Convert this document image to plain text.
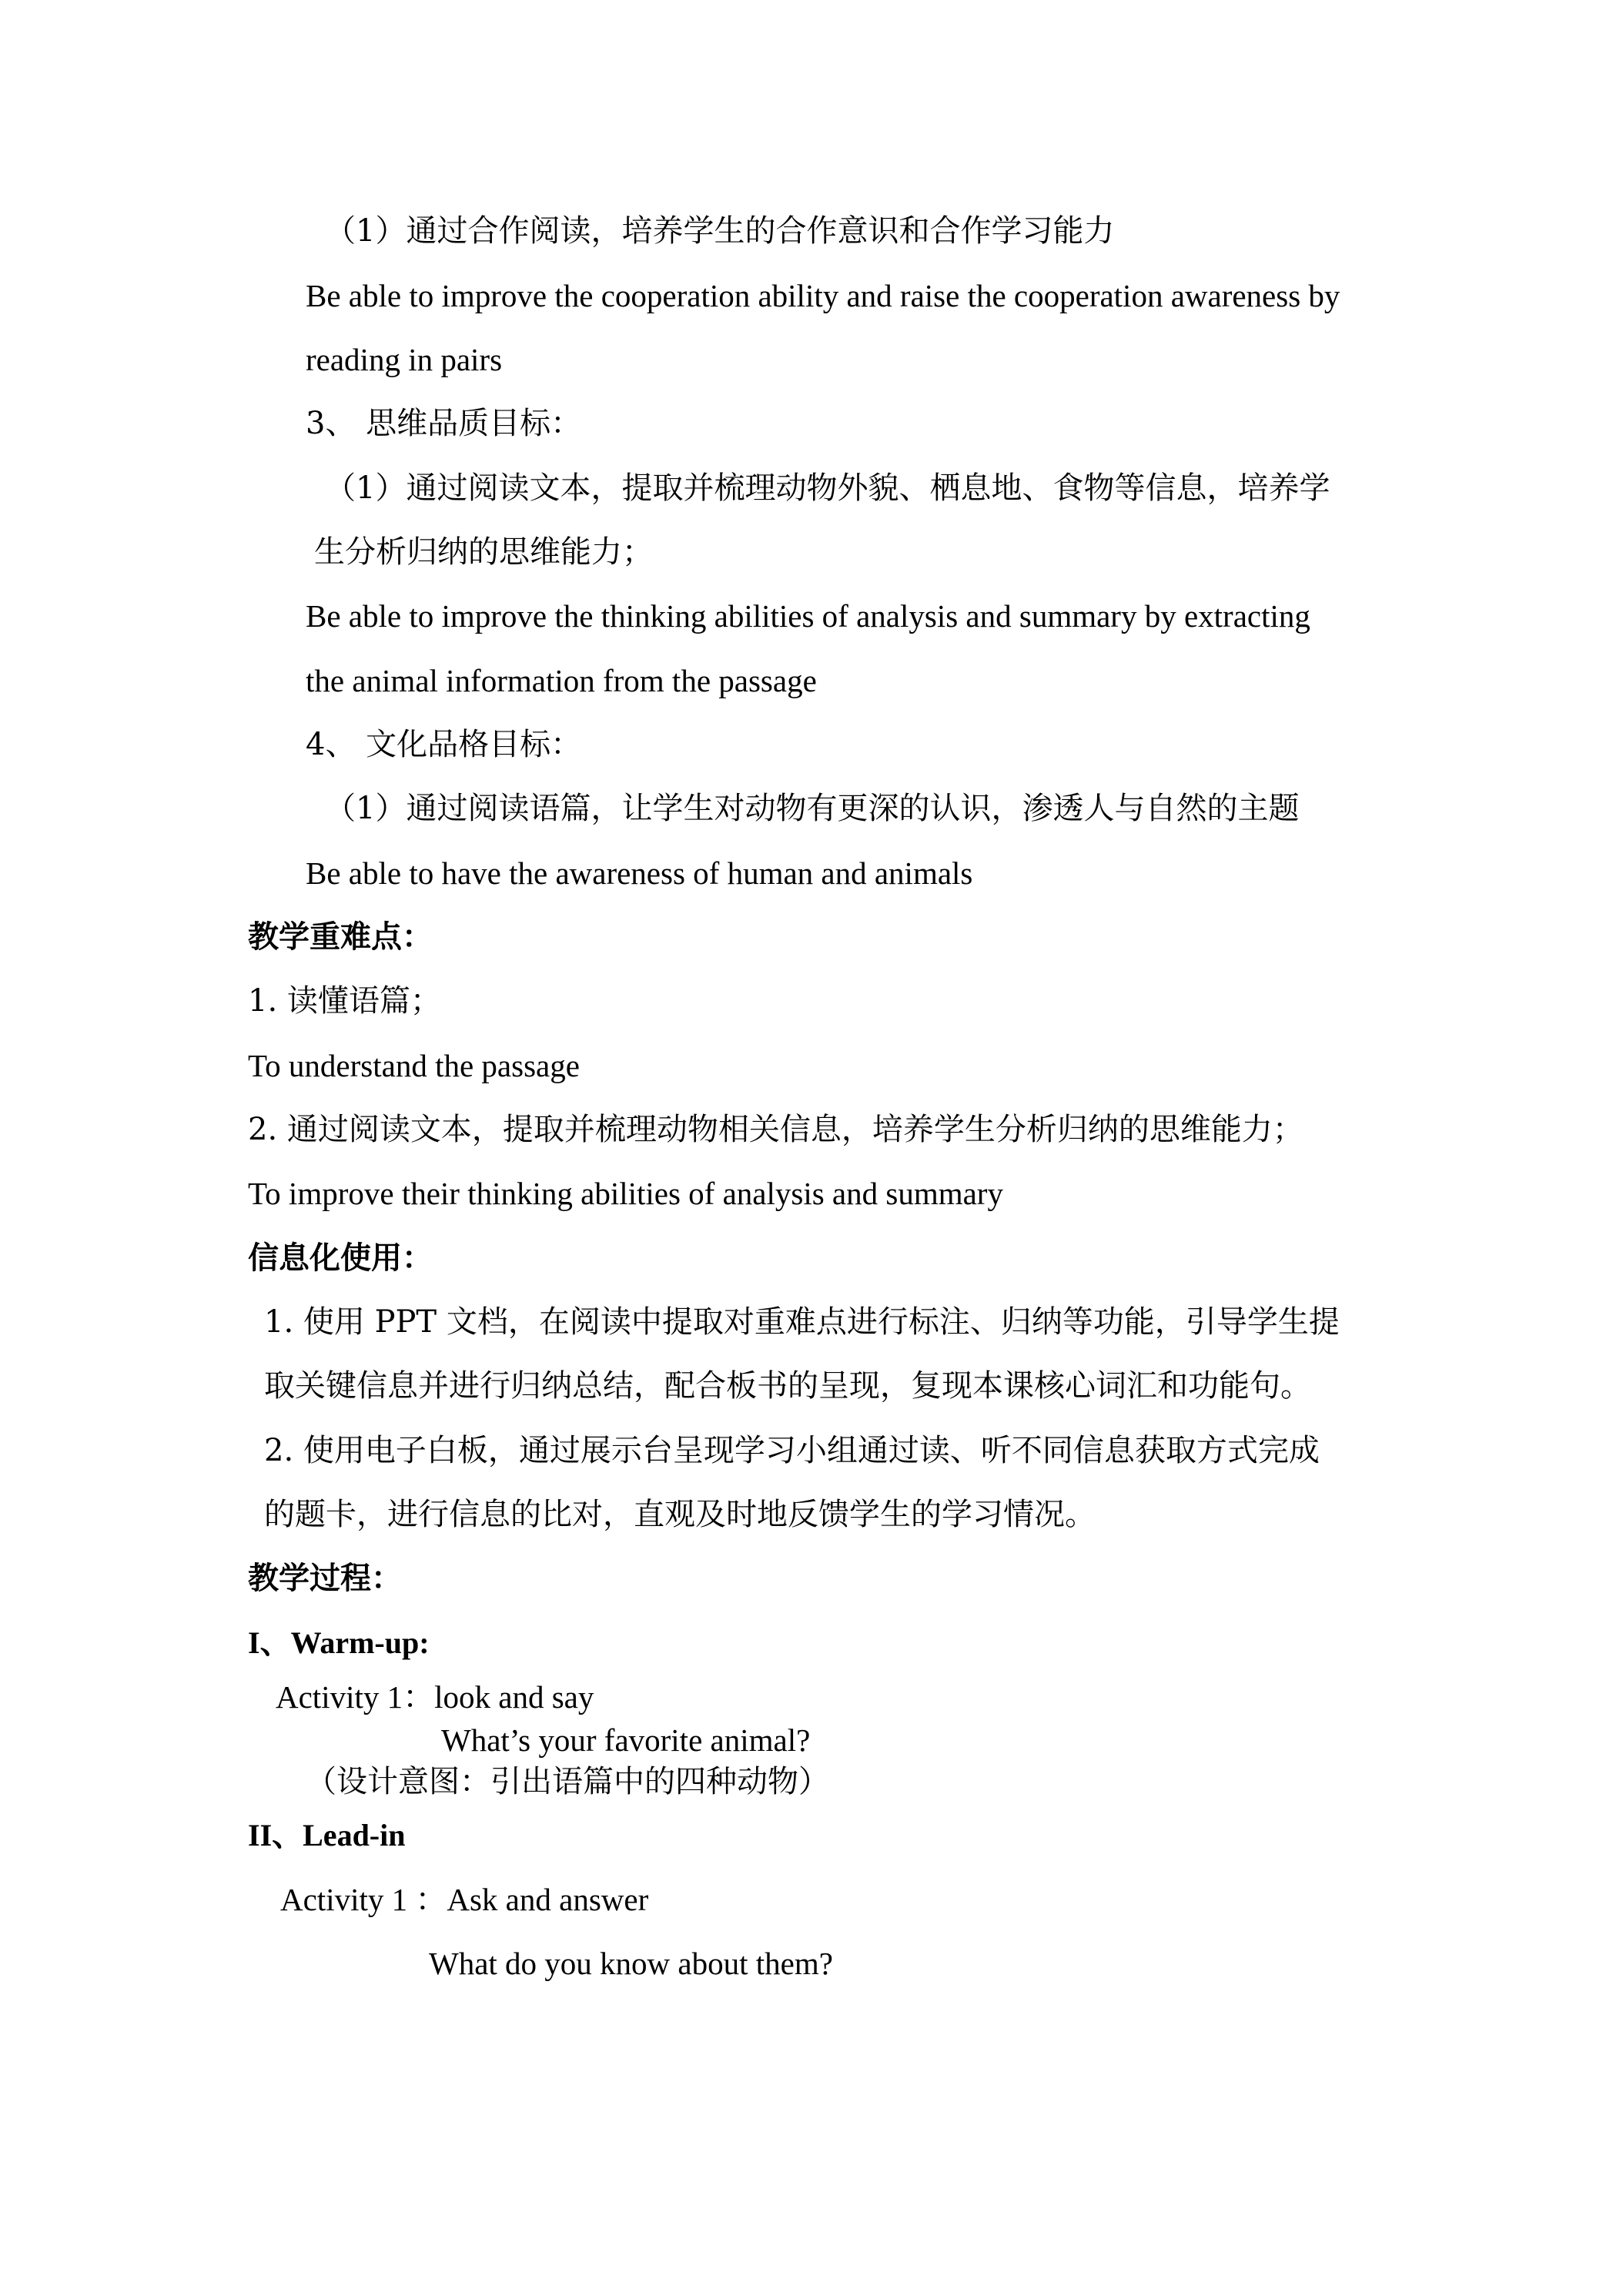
（1）通过合作阅读，培养学生的合作意识和合作学习能力
Be able to improve the cooperation ability and raise the cooperation awareness by
reading in pairs
3、 思维品质目标：
（1）通过阅读文本，提取并梳理动物外貌、栖息地、食物等信息，培养学
生分析归纳的思维能力；
Be able to improve the thinking abilities of analysis and summary by extracting
the animal information from the passage
4、 文化品格目标：
（1）通过阅读语篇，让学生对动物有更深的认识，渗透人与自然的主题
Be able to have the awareness of human and animals
教学重难点：
1. 读懂语篇；
To understand the passage
2. 通过阅读文本，提取并梳理动物相关信息，培养学生分析归纳的思维能力；
To improve their thinking abilities of analysis and summary
信息化使用：
1. 使用 PPT 文档，在阅读中提取对重难点进行标注、归纳等功能，引导学生提
取关键信息并进行归纳总结，配合板书的呈现，复现本课核心词汇和功能句。
2. 使用电子白板，通过展示台呈现学习小组通过读、听不同信息获取方式完成
的题卡，进行信息的比对，直观及时地反馈学生的学习情况。
教学过程：
I、Warm-up:
Activity 1：look and say
What’s your favorite animal?
（设计意图：引出语篇中的四种动物）
II、Lead-in
Activity 1 ：Ask and answer
What do you know about them?
